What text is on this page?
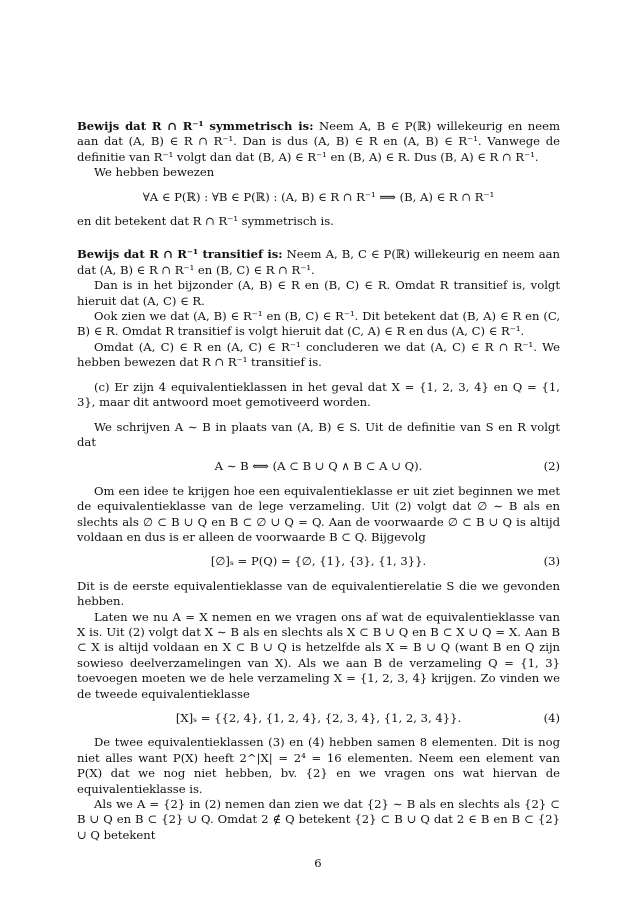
Bewijs dat R ∩ R⁻¹ symmetrisch is: Neem A, B ∈ P(ℝ) willekeurig en neem aan dat (A, B) ∈ R ∩ R⁻¹. Dan is dus (A, B) ∈ R en (A, B) ∈ R⁻¹. Vanwege de definitie van R⁻¹ volgt dan dat (B, A) ∈ R⁻¹ en (B, A) ∈ R. Dus (B, A) ∈ R ∩ R⁻¹.

We hebben bewezen

∀A ∈ P(ℝ) : ∀B ∈ P(ℝ) : (A, B) ∈ R ∩ R⁻¹ ⟹ (B, A) ∈ R ∩ R⁻¹

en dit betekent dat R ∩ R⁻¹ symmetrisch is.

Bewijs dat R ∩ R⁻¹ transitief is: Neem A, B, C ∈ P(ℝ) willekeurig en neem aan dat (A, B) ∈ R ∩ R⁻¹ en (B, C) ∈ R ∩ R⁻¹.

Dan is in het bijzonder (A, B) ∈ R en (B, C) ∈ R. Omdat R transitief is, volgt hieruit dat (A, C) ∈ R.

Ook zien we dat (A, B) ∈ R⁻¹ en (B, C) ∈ R⁻¹. Dit betekent dat (B, A) ∈ R en (C, B) ∈ R. Omdat R transitief is volgt hieruit dat (C, A) ∈ R en dus (A, C) ∈ R⁻¹.

Omdat (A, C) ∈ R en (A, C) ∈ R⁻¹ concluderen we dat (A, C) ∈ R ∩ R⁻¹. We hebben bewezen dat R ∩ R⁻¹ transitief is.

(c) Er zijn 4 equivalentieklassen in het geval dat X = {1, 2, 3, 4} en Q = {1, 3}, maar dit antwoord moet gemotiveerd worden.

We schrijven A ∼ B in plaats van (A, B) ∈ S. Uit de definitie van S en R volgt dat

A ∼ B ⟺ (A ⊂ B ∪ Q ∧ B ⊂ A ∪ Q).	(2)

Om een idee te krijgen hoe een equivalentieklasse er uit ziet beginnen we met de equivalentieklasse van de lege verzameling. Uit (2) volgt dat ∅ ∼ B als en slechts als ∅ ⊂ B ∪ Q en B ⊂ ∅ ∪ Q = Q. Aan de voorwaarde ∅ ⊂ B ∪ Q is altijd voldaan en dus is er alleen de voorwaarde B ⊂ Q. Bijgevolg

[∅]ₛ = P(Q) = {∅, {1}, {3}, {1, 3}}.	(3)

Dit is de eerste equivalentieklasse van de equivalentierelatie S die we gevonden hebben.

Laten we nu A = X nemen en we vragen ons af wat de equivalentieklasse van X is. Uit (2) volgt dat X ∼ B als en slechts als X ⊂ B ∪ Q en B ⊂ X ∪ Q = X. Aan B ⊂ X is altijd voldaan en X ⊂ B ∪ Q is hetzelfde als X = B ∪ Q (want B en Q zijn sowieso deelverzamelingen van X). Als we aan B de verzameling Q = {1, 3} toevoegen moeten we de hele verzameling X = {1, 2, 3, 4} krijgen. Zo vinden we de tweede equivalentieklasse

[X]ₛ = {{2, 4}, {1, 2, 4}, {2, 3, 4}, {1, 2, 3, 4}}.	(4)

De twee equivalentieklassen (3) en (4) hebben samen 8 elementen. Dit is nog niet alles want P(X) heeft 2^|X| = 2⁴ = 16 elementen. Neem een element van P(X) dat we nog niet hebben, bv. {2} en we vragen ons wat hiervan de equivalentieklasse is.

Als we A = {2} in (2) nemen dan zien we dat {2} ∼ B als en slechts als {2} ⊂ B ∪ Q en B ⊂ {2} ∪ Q. Omdat 2 ∉ Q betekent {2} ⊂ B ∪ Q dat 2 ∈ B en B ⊂ {2} ∪ Q betekent

6
